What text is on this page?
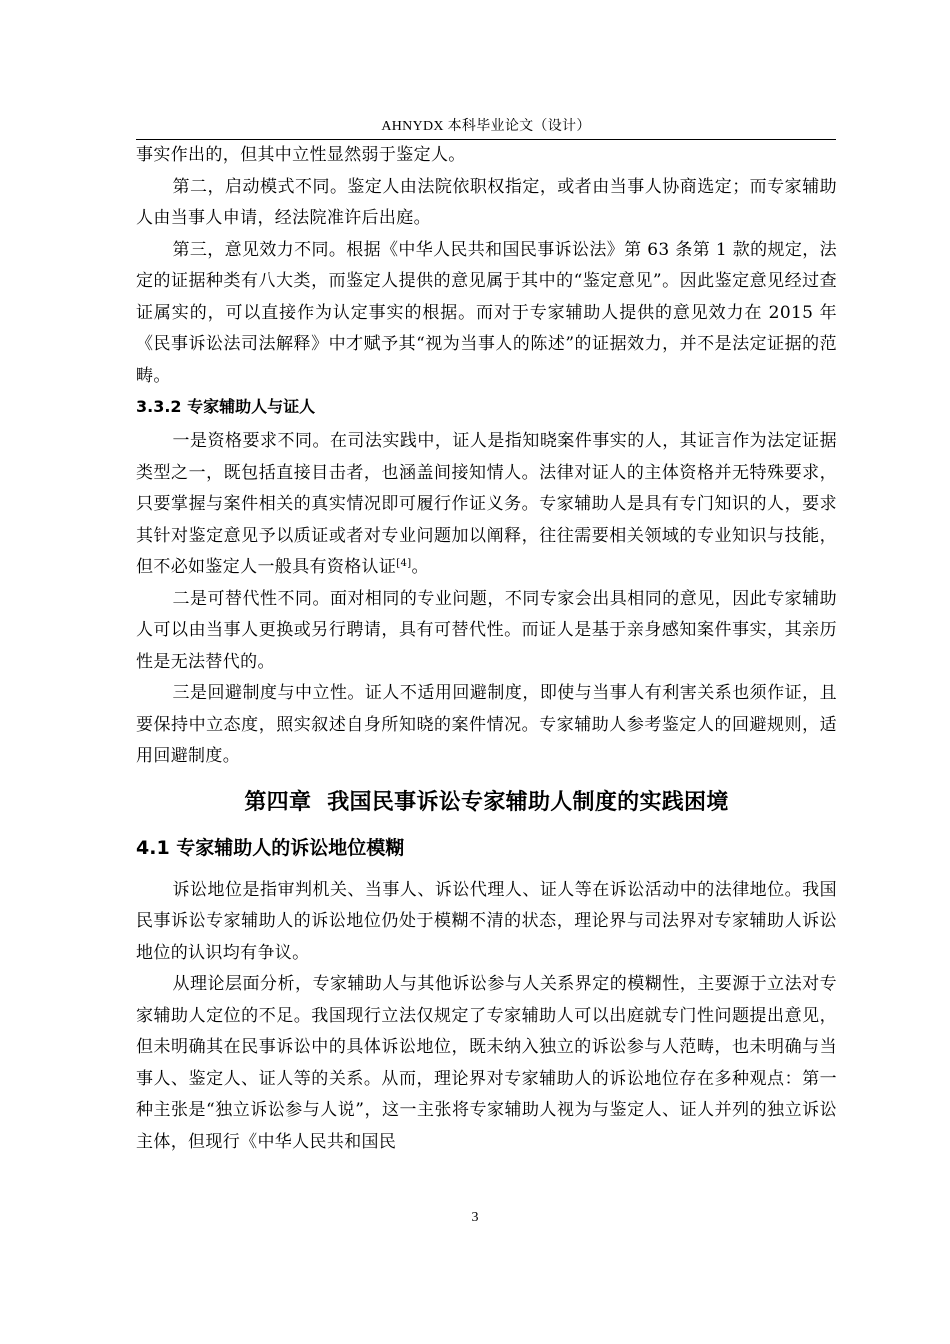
AHNYDX 本科毕业论文（设计）

事实作出的，但其中立性显然弱于鉴定人。

第二，启动模式不同。鉴定人由法院依职权指定，或者由当事人协商选定；而专家辅助人由当事人申请，经法院准许后出庭。

第三，意见效力不同。根据《中华人民共和国民事诉讼法》第 63 条第 1 款的规定，法定的证据种类有八大类，而鉴定人提供的意见属于其中的“鉴定意见”。因此鉴定意见经过查证属实的，可以直接作为认定事实的根据。而对于专家辅助人提供的意见效力在 2015 年《民事诉讼法司法解释》中才赋予其“视为当事人的陈述”的证据效力，并不是法定证据的范畴。

3.3.2 专家辅助人与证人

一是资格要求不同。在司法实践中，证人是指知晓案件事实的人，其证言作为法定证据类型之一，既包括直接目击者，也涵盖间接知情人。法律对证人的主体资格并无特殊要求，只要掌握与案件相关的真实情况即可履行作证义务。专家辅助人是具有专门知识的人，要求其针对鉴定意见予以质证或者对专业问题加以阐释，往往需要相关领域的专业知识与技能，但不必如鉴定人一般具有资格认证[4]。

二是可替代性不同。面对相同的专业问题，不同专家会出具相同的意见，因此专家辅助人可以由当事人更换或另行聘请，具有可替代性。而证人是基于亲身感知案件事实，其亲历性是无法替代的。

三是回避制度与中立性。证人不适用回避制度，即使与当事人有利害关系也须作证，且要保持中立态度，照实叙述自身所知晓的案件情况。专家辅助人参考鉴定人的回避规则，适用回避制度。

第四章 我国民事诉讼专家辅助人制度的实践困境
4.1 专家辅助人的诉讼地位模糊

诉讼地位是指审判机关、当事人、诉讼代理人、证人等在诉讼活动中的法律地位。我国民事诉讼专家辅助人的诉讼地位仍处于模糊不清的状态，理论界与司法界对专家辅助人诉讼地位的认识均有争议。

从理论层面分析，专家辅助人与其他诉讼参与人关系界定的模糊性，主要源于立法对专家辅助人定位的不足。我国现行立法仅规定了专家辅助人可以出庭就专门性问题提出意见，但未明确其在民事诉讼中的具体诉讼地位，既未纳入独立的诉讼参与人范畴，也未明确与当事人、鉴定人、证人等的关系。从而，理论界对专家辅助人的诉讼地位存在多种观点：第一种主张是“独立诉讼参与人说”，这一主张将专家辅助人视为与鉴定人、证人并列的独立诉讼主体，但现行《中华人民共和国民

3
